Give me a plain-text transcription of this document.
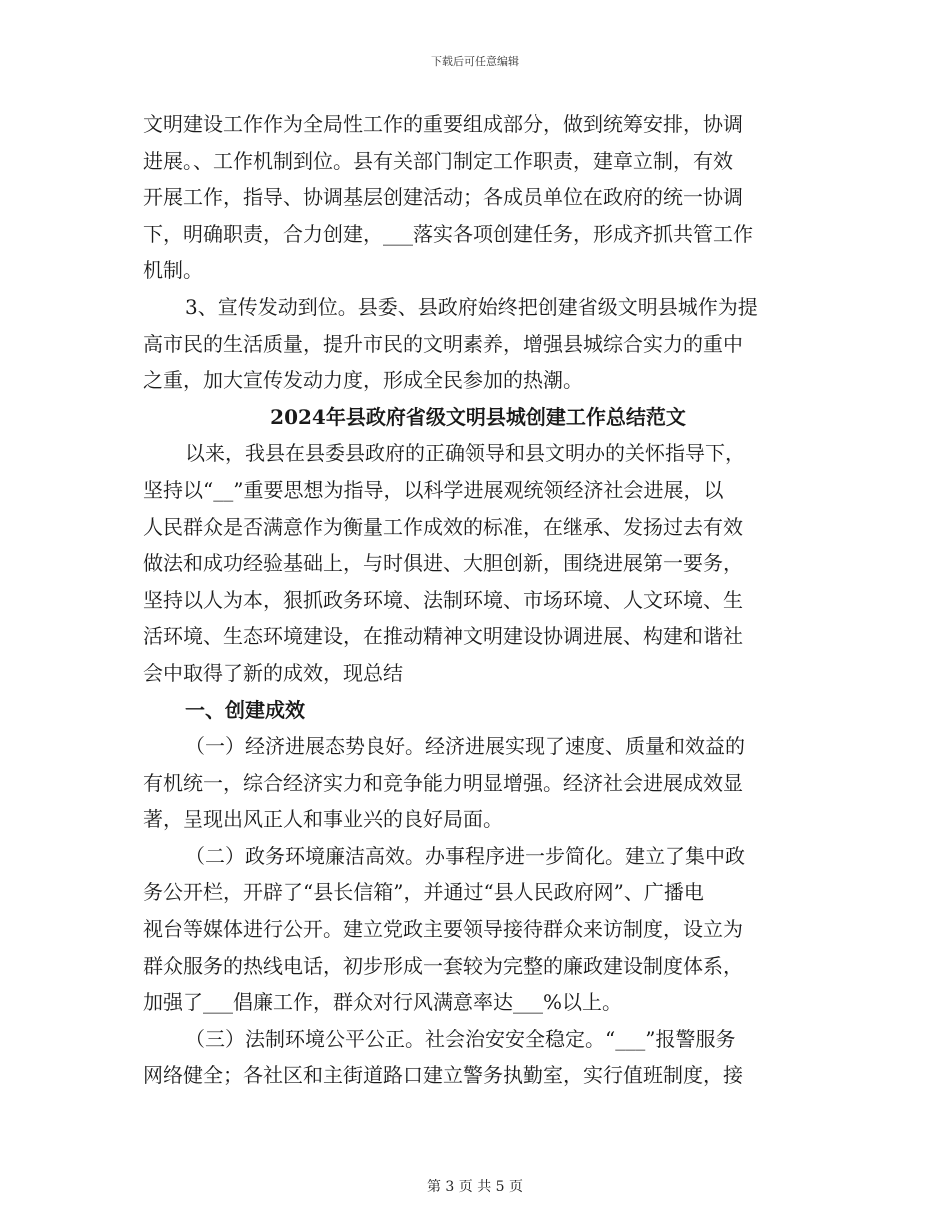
下载后可任意编辑
文明建设工作作为全局性工作的重要组成部分，做到统筹安排，协调
进展。、工作机制到位。县有关部门制定工作职责，建章立制，有效
开展工作，指导、协调基层创建活动；各成员单位在政府的统一协调
下，明确职责，合力创建，___落实各项创建任务，形成齐抓共管工作
机制。
3、宣传发动到位。县委、县政府始终把创建省级文明县城作为提
高市民的生活质量，提升市民的文明素养，增强县城综合实力的重中
之重，加大宣传发动力度，形成全民参加的热潮。
2024年县政府省级文明县城创建工作总结范文
以来，我县在县委县政府的正确领导和县文明办的关怀指导下，
坚持以“__”重要思想为指导，以科学进展观统领经济社会进展，以
人民群众是否满意作为衡量工作成效的标准，在继承、发扬过去有效
做法和成功经验基础上，与时俱进、大胆创新，围绕进展第一要务，
坚持以人为本，狠抓政务环境、法制环境、市场环境、人文环境、生
活环境、生态环境建设，在推动精神文明建设协调进展、构建和谐社
会中取得了新的成效，现总结
一、创建成效
（一）经济进展态势良好。经济进展实现了速度、质量和效益的
有机统一，综合经济实力和竞争能力明显增强。经济社会进展成效显
著，呈现出风正人和事业兴的良好局面。
（二）政务环境廉洁高效。办事程序进一步简化。建立了集中政
务公开栏，开辟了“县长信箱”，并通过“县人民政府网”、广播电
视台等媒体进行公开。建立党政主要领导接待群众来访制度，设立为
群众服务的热线电话，初步形成一套较为完整的廉政建设制度体系，
加强了___倡廉工作，群众对行风满意率达___%以上。
（三）法制环境公平公正。社会治安安全稳定。“___”报警服务
网络健全；各社区和主街道路口建立警务执勤室，实行值班制度，接
第 3 页 共 5 页
